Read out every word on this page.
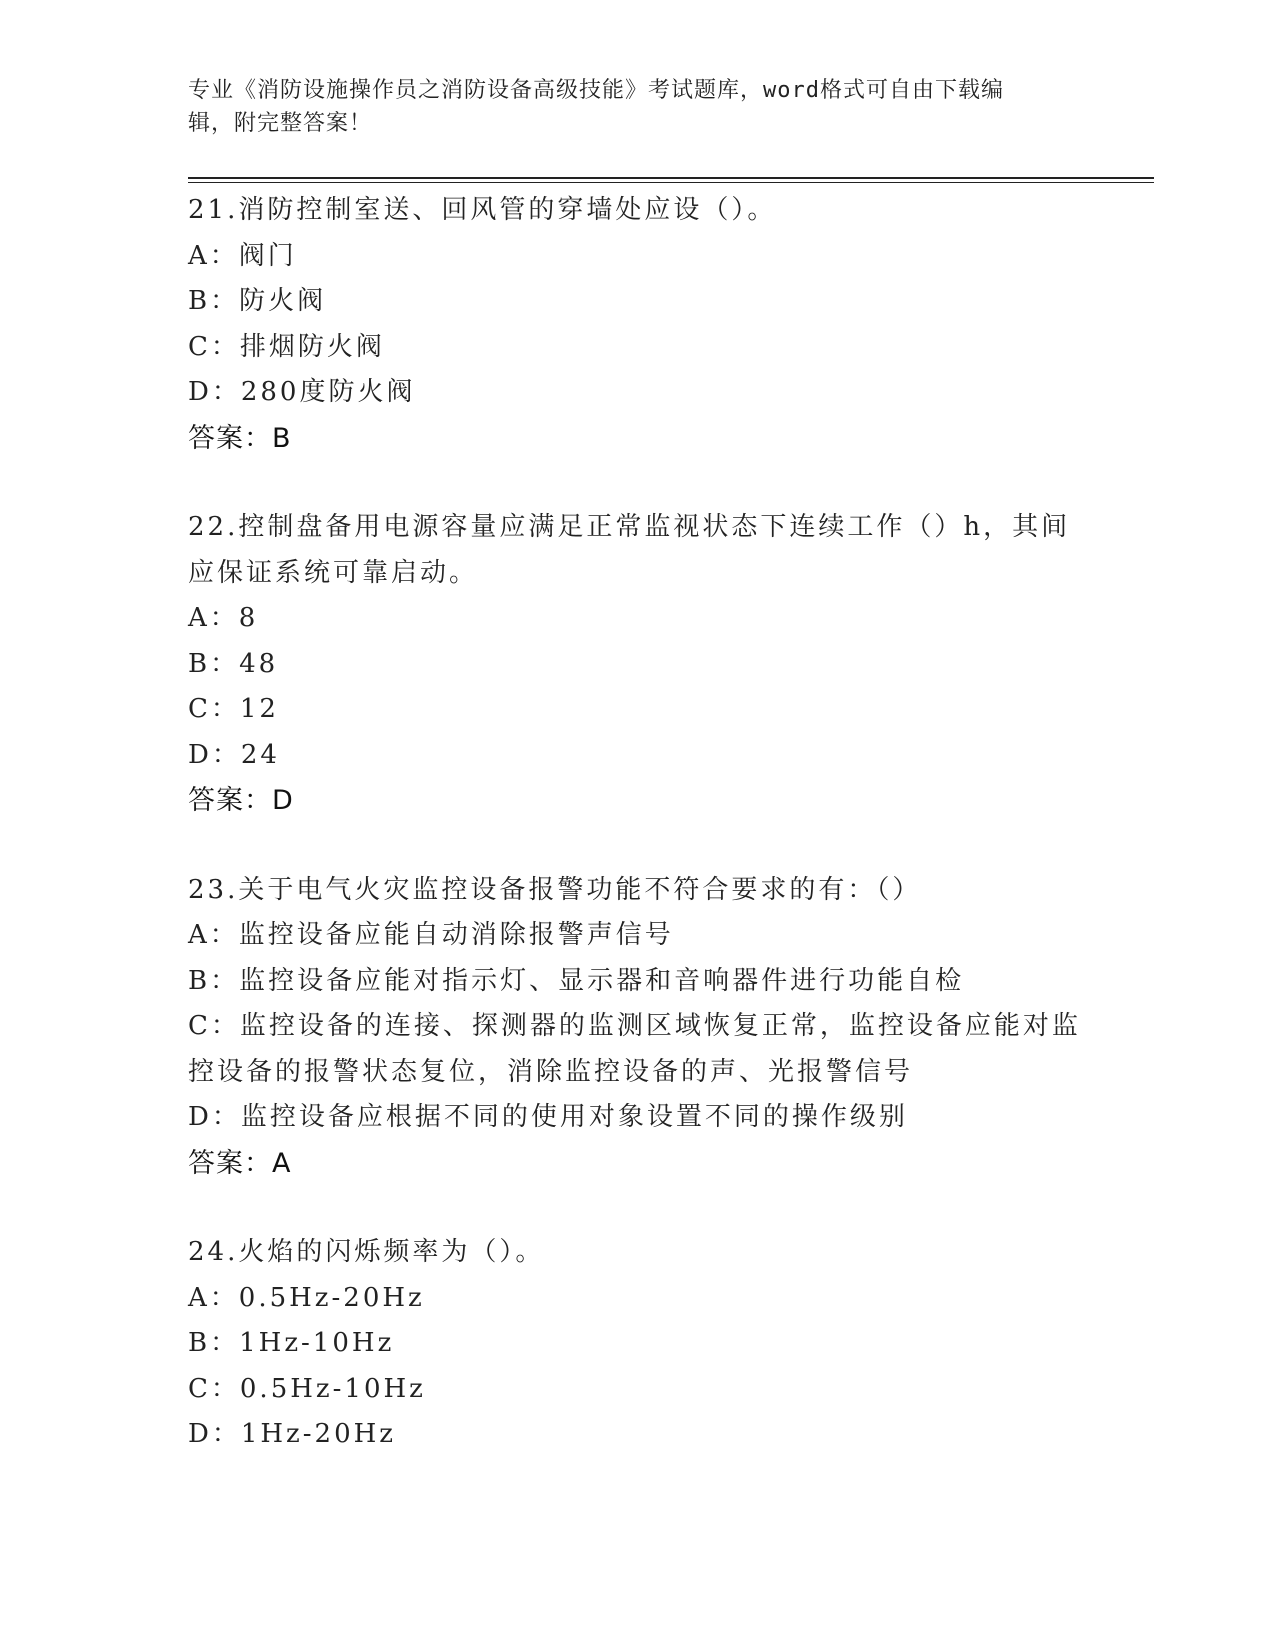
专业《消防设施操作员之消防设备高级技能》考试题库，word格式可自由下载编
辑，附完整答案！
21.消防控制室送、回风管的穿墙处应设（）。
A：阀门
B：防火阀
C：排烟防火阀
D：280度防火阀
答案：B
22.控制盘备用电源容量应满足正常监视状态下连续工作（）h，其间
应保证系统可靠启动。
A：8
B：48
C：12
D：24
答案：D
23.关于电气火灾监控设备报警功能不符合要求的有：（）
A：监控设备应能自动消除报警声信号
B：监控设备应能对指示灯、显示器和音响器件进行功能自检
C：监控设备的连接、探测器的监测区域恢复正常，监控设备应能对监
控设备的报警状态复位，消除监控设备的声、光报警信号
D：监控设备应根据不同的使用对象设置不同的操作级别
答案：A
24.火焰的闪烁频率为（）。
A：0.5Hz-20Hz
B：1Hz-10Hz
C：0.5Hz-10Hz
D：1Hz-20Hz
